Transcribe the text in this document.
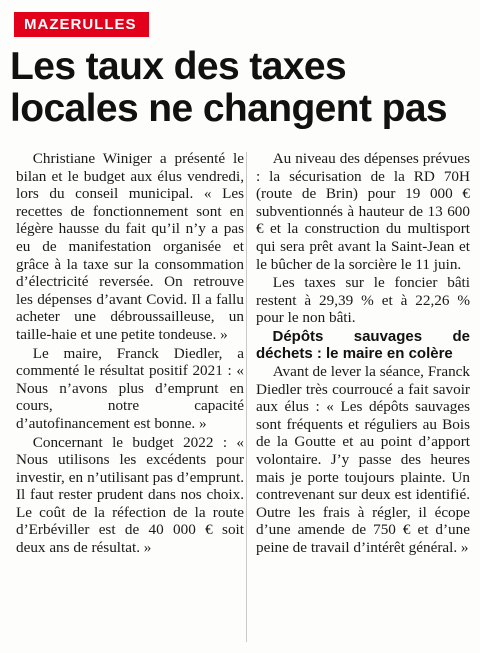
MAZERULLES
Les taux des taxes locales ne changent pas

Christiane Winiger a présenté le bilan et le budget aux élus vendredi, lors du conseil municipal. « Les recettes de fonctionnement sont en légère hausse du fait qu’il n’y a pas eu de manifestation organisée et grâce à la taxe sur la consommation d’électricité reversée. On retrouve les dépenses d’avant Covid. Il a fallu acheter une débroussailleuse, un taille-haie et une petite tondeuse. »

Le maire, Franck Diedler, a commenté le résultat positif 2021 : « Nous n’avons plus d’emprunt en cours, notre capacité d’autofinancement est bonne. »

Concernant le budget 2022 : « Nous utilisons les excédents pour investir, en n’utilisant pas d’emprunt. Il faut rester prudent dans nos choix. Le coût de la réfection de la route d’Erbéviller est de 40 000 € soit deux ans de résultat. »

Au niveau des dépenses prévues : la sécurisation de la RD 70H (route de Brin) pour 19 000 € subventionnés à hauteur de 13 600 € et la construction du multisport qui sera prêt avant la Saint-Jean et le bûcher de la sorcière le 11 juin.

Les taxes sur le foncier bâti restent à 29,39 % et à 22,26 % pour le non bâti.

Dépôts sauvages de déchets : le maire en colère

Avant de lever la séance, Franck Diedler très courroucé a fait savoir aux élus : « Les dépôts sauvages sont fréquents et réguliers au Bois de la Goutte et au point d’apport volontaire. J’y passe des heures mais je porte toujours plainte. Un contrevenant sur deux est identifié. Outre les frais à régler, il écope d’une amende de 750 € et d’une peine de travail d’intérêt général. »
